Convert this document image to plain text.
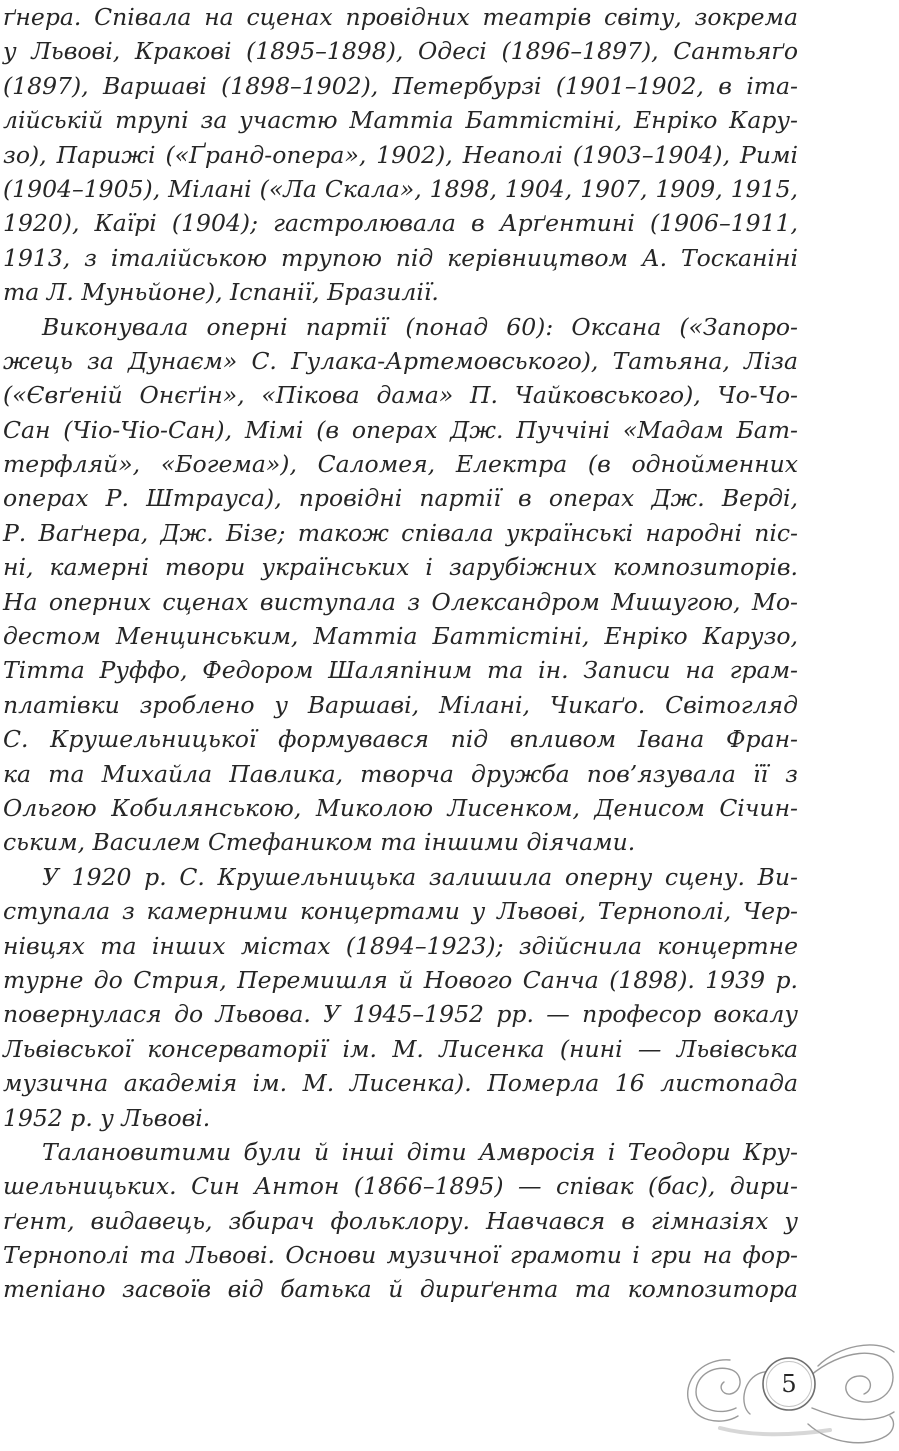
ґнера. Співала на сценах провідних театрів світу, зокрема
у Львові, Кракові (1895–1898), Одесі (1896–1897), Сантьяґо
(1897), Варшаві (1898–1902), Петербурзі (1901–1902, в іта-
лійській трупі за участю Маттіа Баттістіні, Енріко Кару-
зо), Парижі («Ґранд-опера», 1902), Неаполі (1903–1904), Римі
(1904–1905), Мілані («Ла Скала», 1898, 1904, 1907, 1909, 1915,
1920), Каїрі (1904); гастролювала в Арґентині (1906–1911,
1913, з італійською трупою під керівництвом А. Тосканіні
та Л. Муньйоне), Іспанії, Бразилії.
Виконувала оперні партії (понад 60): Оксана («Запоро-
жець за Дунаєм» С. Гулака-Артемовського), Татьяна, Ліза
(«Євґеній Онєґін», «Пікова дама» П. Чайковського), Чо-Чо-
Сан (Чіо-Чіо-Сан), Мімі (в операх Дж. Пуччіні «Мадам Бат-
терфляй», «Богема»), Саломея, Електра (в однойменних
операх Р. Штрауса), провідні партії в операх Дж. Верді,
Р. Ваґнера, Дж. Бізе; також співала українські народні піс-
ні, камерні твори українських і зарубіжних композиторів.
На оперних сценах виступала з Олександром Мишугою, Мо-
дестом Менцинським, Маттіа Баттістіні, Енріко Карузо,
Тітта Руффо, Федором Шаляпіним та ін. Записи на грам-
платівки зроблено у Варшаві, Мілані, Чикаґо. Світогляд
С. Крушельницької формувався під впливом Івана Фран-
ка та Михайла Павлика, творча дружба пов’язувала її з
Ольгою Кобилянською, Миколою Лисенком, Денисом Січин-
ським, Василем Стефаником та іншими діячами.
У 1920 р. С. Крушельницька залишила оперну сцену. Ви-
ступала з камерними концертами у Львові, Тернополі, Чер-
нівцях та інших містах (1894–1923); здійснила концертне
турне до Стрия, Перемишля й Нового Санча (1898). 1939 р.
повернулася до Львова. У 1945–1952 рр. — професор вокалу
Львівської консерваторії ім. М. Лисенка (нині — Львівська
музична академія ім. М. Лисенка). Померла 16 листопада
1952 р. у Львові.
Талановитими були й інші діти Амвросія і Теодори Кру-
шельницьких. Син Антон (1866–1895) — співак (бас), дири-
ґент, видавець, збирач фольклору. Навчався в гімназіях у
Тернополі та Львові. Основи музичної грамоти і гри на фор-
тепіано засвоїв від батька й дириґента та композитора
5
